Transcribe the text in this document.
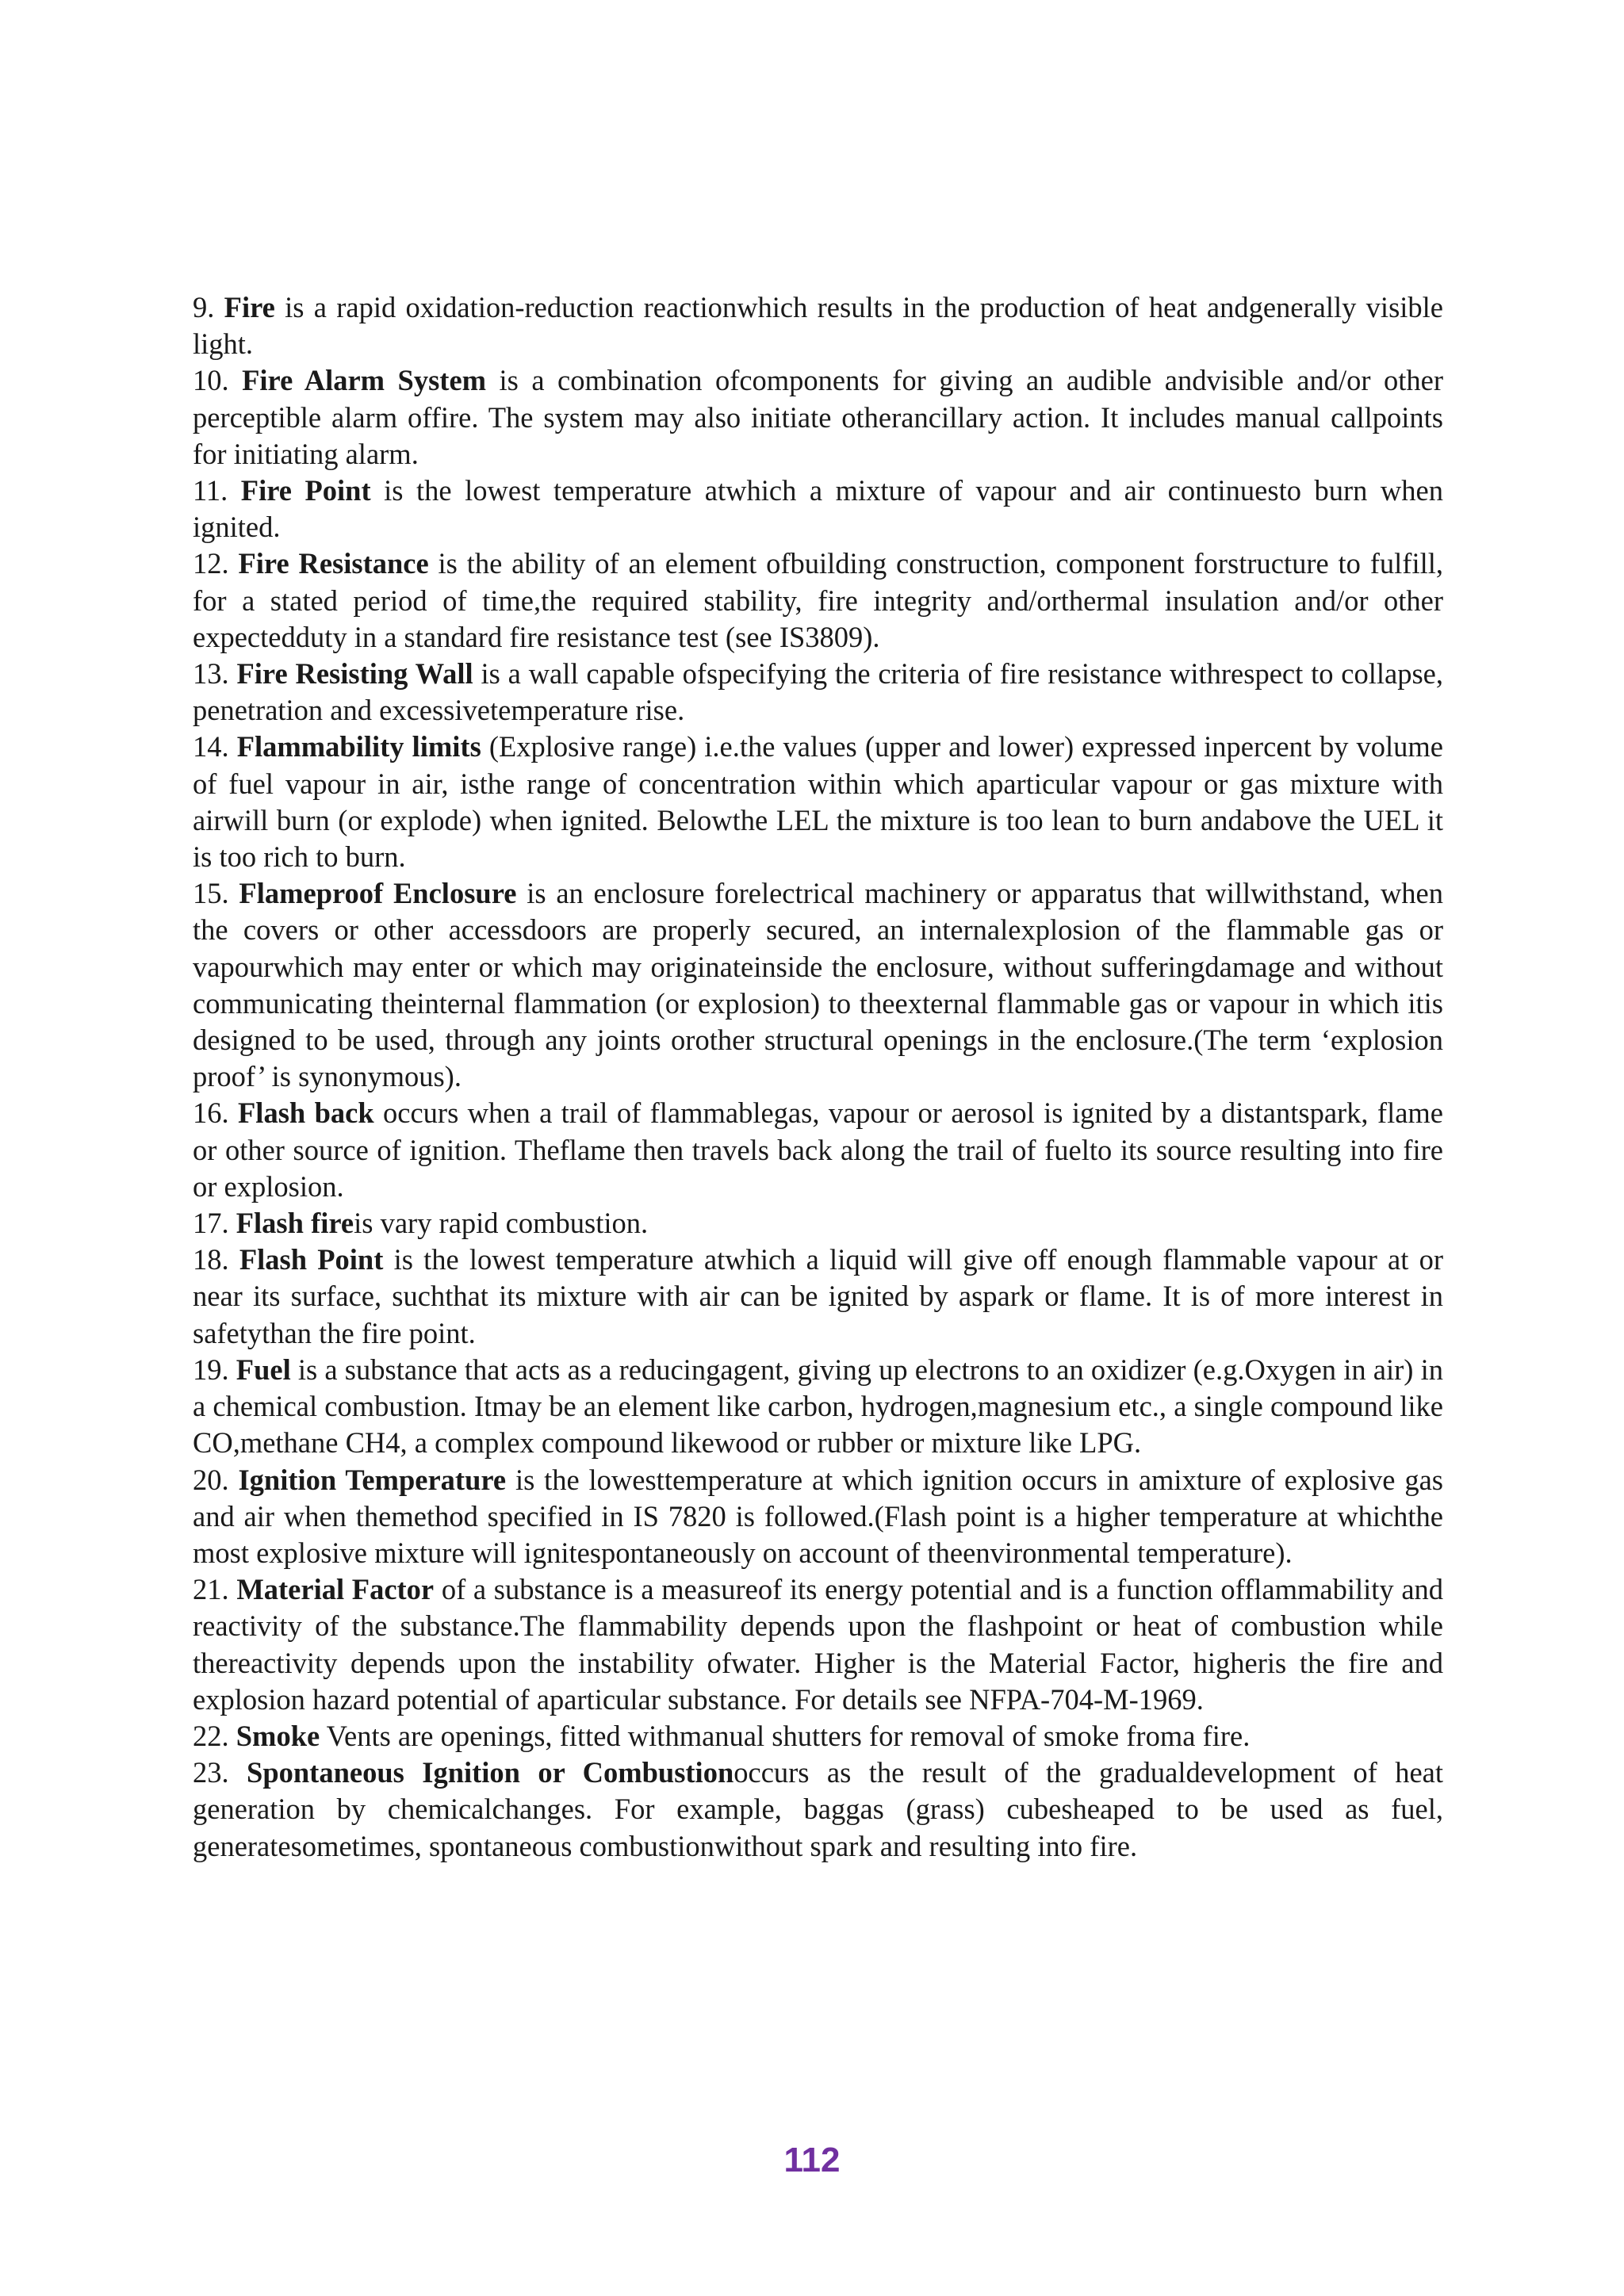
9. Fire is a rapid oxidation-reduction reactionwhich results in the production of heat andgenerally visible light.

10. Fire Alarm System is a combination ofcomponents for giving an audible andvisible and/or other perceptible alarm offire. The system may also initiate otherancillary action. It includes manual callpoints for initiating alarm.

11. Fire Point is the lowest temperature atwhich a mixture of vapour and air continuesto burn when ignited.

12. Fire Resistance is the ability of an element ofbuilding construction, component forstructure to fulfill, for a stated period of time,the required stability, fire integrity and/orthermal insulation and/or other expectedduty in a standard fire resistance test (see IS3809).

13. Fire Resisting Wall is a wall capable ofspecifying the criteria of fire resistance withrespect to collapse, penetration and excessivetemperature rise.

14. Flammability limits (Explosive range) i.e.the values (upper and lower) expressed inpercent by volume of fuel vapour in air, isthe range of concentration within which aparticular vapour or gas mixture with airwill burn (or explode) when ignited. Belowthe LEL the mixture is too lean to burn andabove the UEL it is too rich to burn.

15. Flameproof Enclosure is an enclosure forelectrical machinery or apparatus that willwithstand, when the covers or other accessdoors are properly secured, an internalexplosion of the flammable gas or vapourwhich may enter or which may originateinside the enclosure, without sufferingdamage and without communicating theinternal flammation (or explosion) to theexternal flammable gas or vapour in which itis designed to be used, through any joints orother structural openings in the enclosure.(The term ‘explosion proof’ is synonymous).

16. Flash back occurs when a trail of flammablegas, vapour or aerosol is ignited by a distantspark, flame or other source of ignition. Theflame then travels back along the trail of fuelto its source resulting into fire or explosion.

17. Flash fireis vary rapid combustion.

18. Flash Point is the lowest temperature atwhich a liquid will give off enough flammable vapour at or near its surface, suchthat its mixture with air can be ignited by aspark or flame. It is of more interest in safetythan the fire point.

19. Fuel is a substance that acts as a reducingagent, giving up electrons to an oxidizer (e.g.Oxygen in air) in a chemical combustion. Itmay be an element like carbon, hydrogen,magnesium etc., a single compound like CO,methane CH4, a complex compound likewood or rubber or mixture like LPG.

20. Ignition Temperature is the lowesttemperature at which ignition occurs in amixture of explosive gas and air when themethod specified in IS 7820 is followed.(Flash point is a higher temperature at whichthe most explosive mixture will ignitespontaneously on account of theenvironmental temperature).

21. Material Factor of a substance is a measureof its energy potential and is a function offlammability and reactivity of the substance.The flammability depends upon the flashpoint or heat of combustion while thereactivity depends upon the instability ofwater. Higher is the Material Factor, higheris the fire and explosion hazard potential of aparticular substance. For details see NFPA-704-M-1969.

22. Smoke Vents are openings, fitted withmanual shutters for removal of smoke froma fire.

23. Spontaneous Ignition or Combustionoccurs as the result of the gradualdevelopment of heat generation by chemicalchanges. For example, baggas (grass) cubesheaped to be used as fuel, generatesometimes, spontaneous combustionwithout spark and resulting into fire.

112
